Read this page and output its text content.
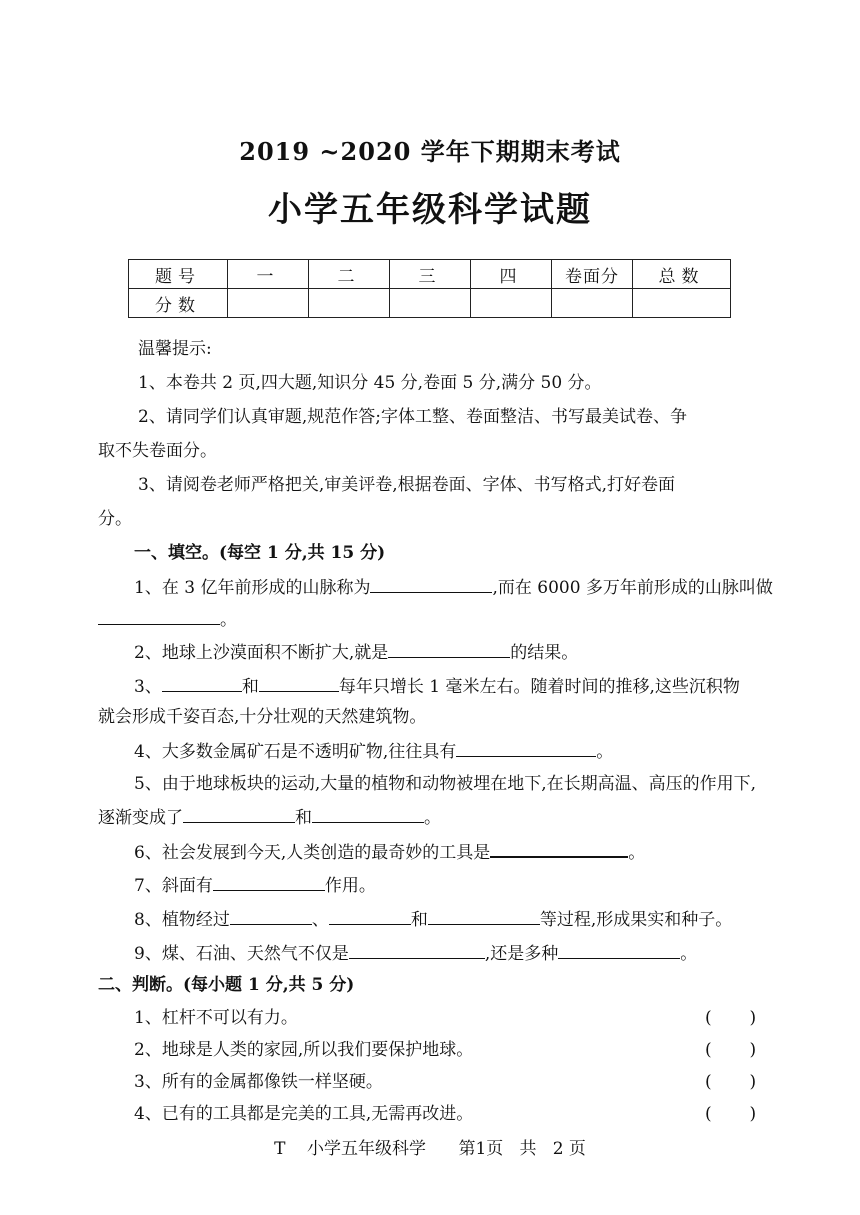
2019 ~2020 学年下期期末考试
小学五年级科学试题
题号	一	二	三	四	卷面分	总数
分数						
温馨提示:
1、本卷共 2 页,四大题,知识分 45 分,卷面 5 分,满分 50 分。
2、请同学们认真审题,规范作答;字体工整、卷面整洁、书写最美试卷、争
取不失卷面分。
3、请阅卷老师严格把关,审美评卷,根据卷面、字体、书写格式,打好卷面
分。
一、填空。(每空 1 分,共 15 分)
1、在 3 亿年前形成的山脉称为	,而在 6000 多万年前形成的山脉叫做
。
2、地球上沙漠面积不断扩大,就是	的结果。
3、	和	每年只增长 1 毫米左右。随着时间的推移,这些沉积物
就会形成千姿百态,十分壮观的天然建筑物。
4、大多数金属矿石是不透明矿物,往往具有	。
5、由于地球板块的运动,大量的植物和动物被埋在地下,在长期高温、高压的作用下,
逐渐变成了	和	。
6、社会发展到今天,人类创造的最奇妙的工具是	。
7、斜面有	作用。
8、植物经过	、	和	等过程,形成果实和种子。
9、煤、石油、天然气不仅是	,还是多种	。
二、判断。(每小题 1 分,共 5 分)
1、杠杆不可以有力。	(       )
2、地球是人类的家园,所以我们要保护地球。	(       )
3、所有的金属都像铁一样坚硬。	(       )
4、已有的工具都是完美的工具,无需再改进。	(       )
T    小学五年级科学      第1页   共   2 页
